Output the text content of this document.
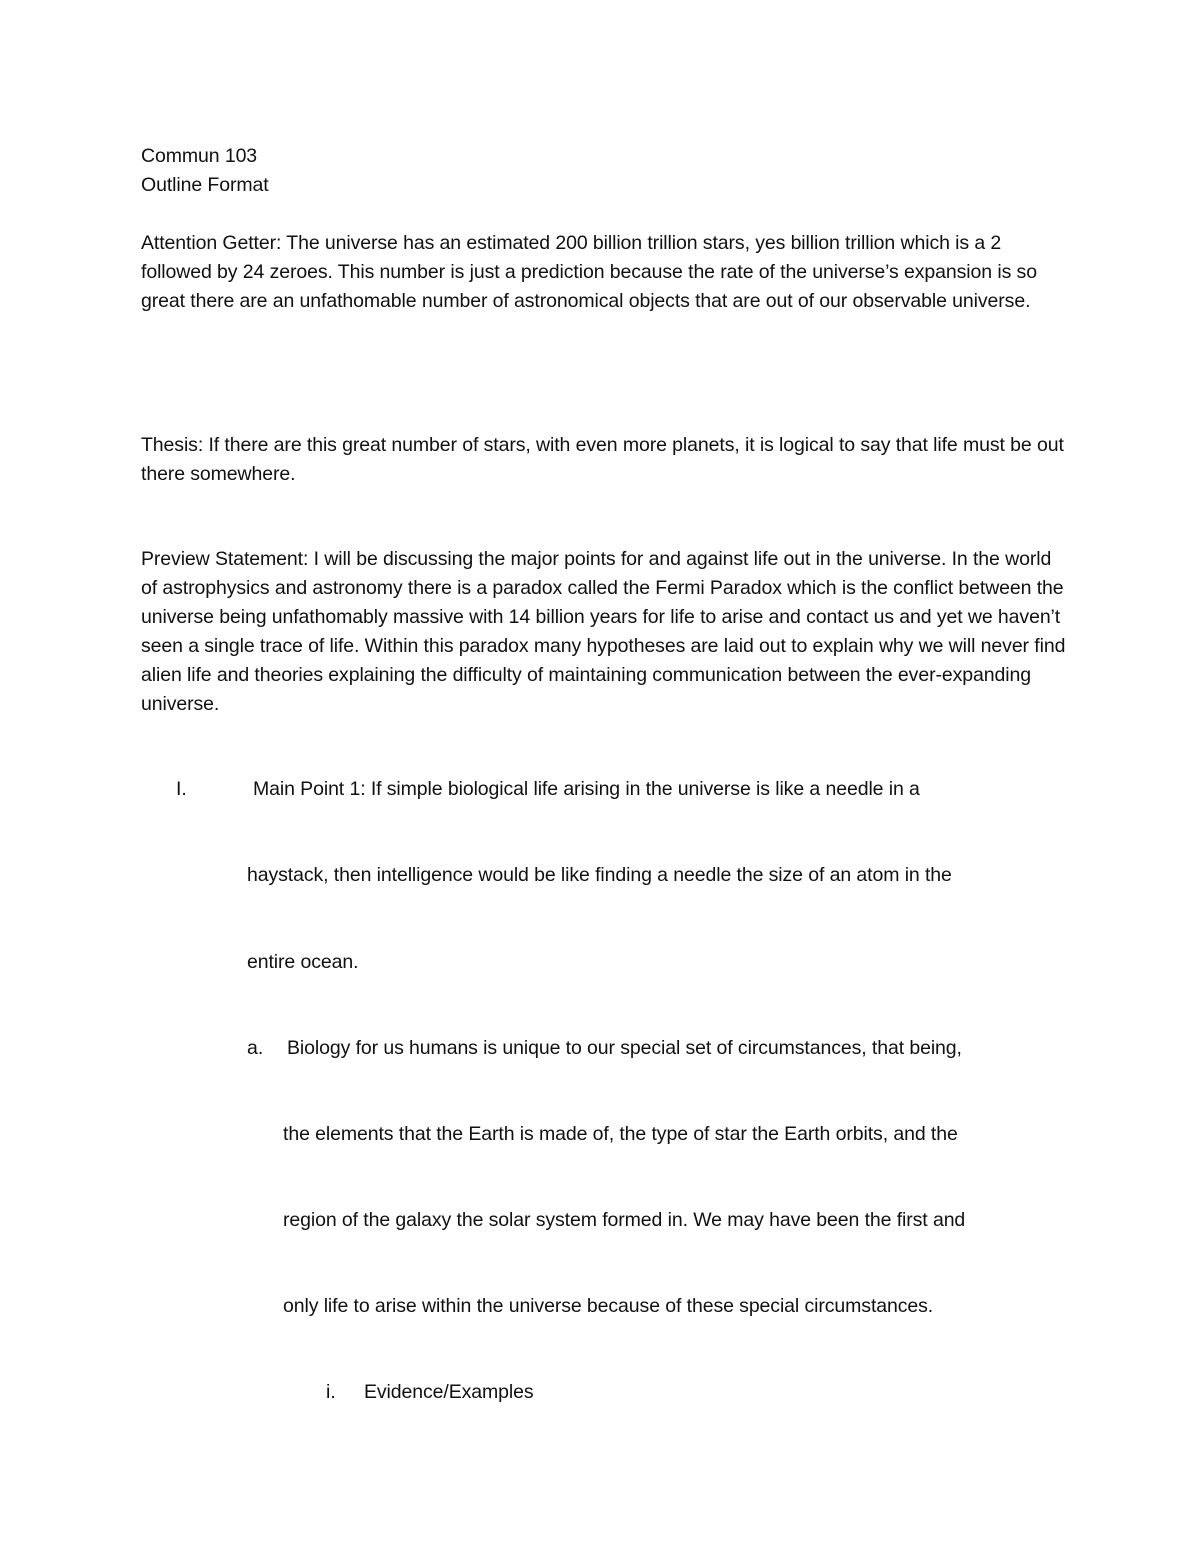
Commun 103
Outline Format
Attention Getter: The universe has an estimated 200 billion trillion stars, yes billion trillion which is a 2 followed by 24 zeroes. This number is just a prediction because the rate of the universe’s expansion is so great there are an unfathomable number of astronomical objects that are out of our observable universe.
Thesis: If there are this great number of stars, with even more planets, it is logical to say that life must be out there somewhere.
Preview Statement: I will be discussing the major points for and against life out in the universe. In the world of astrophysics and astronomy there is a paradox called the Fermi Paradox which is the conflict between the universe being unfathomably massive with 14 billion years for life to arise and contact us and yet we haven’t seen a single trace of life. Within this paradox many hypotheses are laid out to explain why we will never find alien life and theories explaining the difficulty of maintaining communication between the ever-expanding universe.
I.	Main Point 1: If simple biological life arising in the universe is like a needle in a
haystack, then intelligence would be like finding a needle the size of an atom in the
entire ocean.
a. Biology for us humans is unique to our special set of circumstances, that being,
the elements that the Earth is made of, the type of star the Earth orbits, and the
region of the galaxy the solar system formed in. We may have been the first and
only life to arise within the universe because of these special circumstances.
i. Evidence/Examples
